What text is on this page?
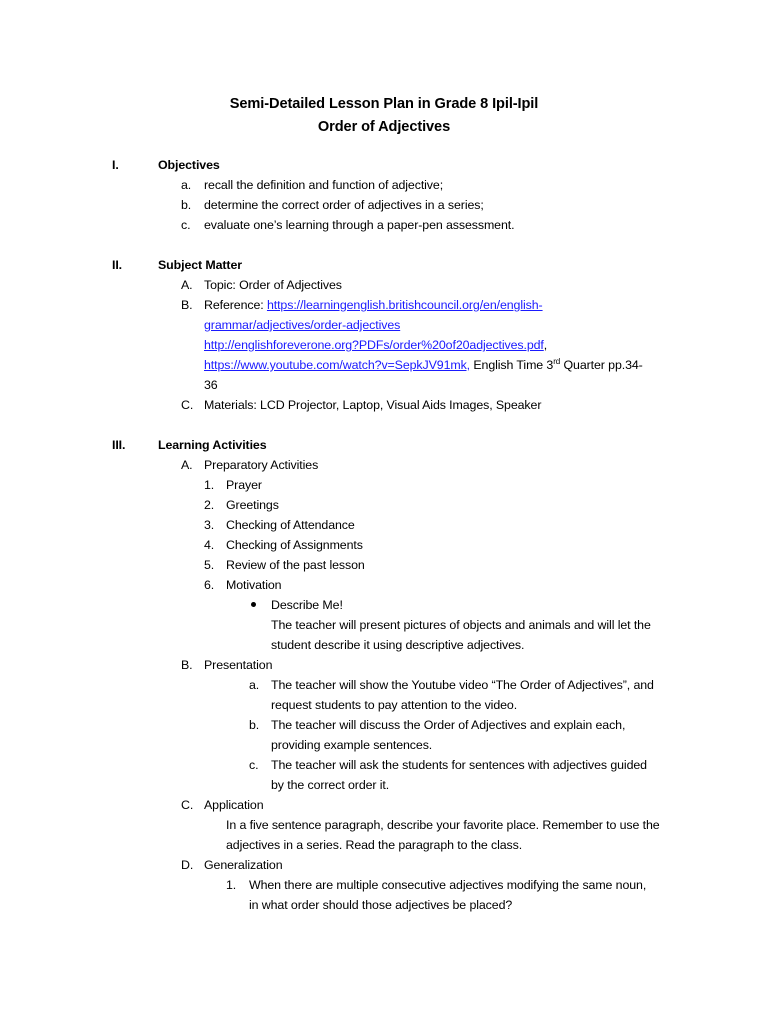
Semi-Detailed Lesson Plan in Grade 8 Ipil-Ipil
Order of Adjectives
I.	Objectives
a. recall the definition and function of adjective;
b. determine the correct order of adjectives in a series;
c. evaluate one’s learning through a paper-pen assessment.
II.	Subject Matter
A. Topic: Order of Adjectives
B. Reference: https://learningenglish.britishcouncil.org/en/english-
grammar/adjectives/order-adjectives
http://englishforeverone.org?PDFs/order%20of20adjectives.pdf,
https://www.youtube.com/watch?v=SepkJV91mk, English Time 3rd Quarter pp.34-
36
C. Materials: LCD Projector, Laptop, Visual Aids Images, Speaker
III.	Learning Activities
A. Preparatory Activities
1. Prayer
2. Greetings
3. Checking of Attendance
4. Checking of Assignments
5. Review of the past lesson
6. Motivation
Describe Me!
The teacher will present pictures of objects and animals and will let the
student describe it using descriptive adjectives.
B. Presentation
a. The teacher will show the Youtube video “The Order of Adjectives”, and
request students to pay attention to the video.
b. The teacher will discuss the Order of Adjectives and explain each,
providing example sentences.
c. The teacher will ask the students for sentences with adjectives guided
by the correct order it.
C. Application
In a five sentence paragraph, describe your favorite place. Remember to use the
adjectives in a series. Read the paragraph to the class.
D. Generalization
1. When there are multiple consecutive adjectives modifying the same noun,
in what order should those adjectives be placed?
